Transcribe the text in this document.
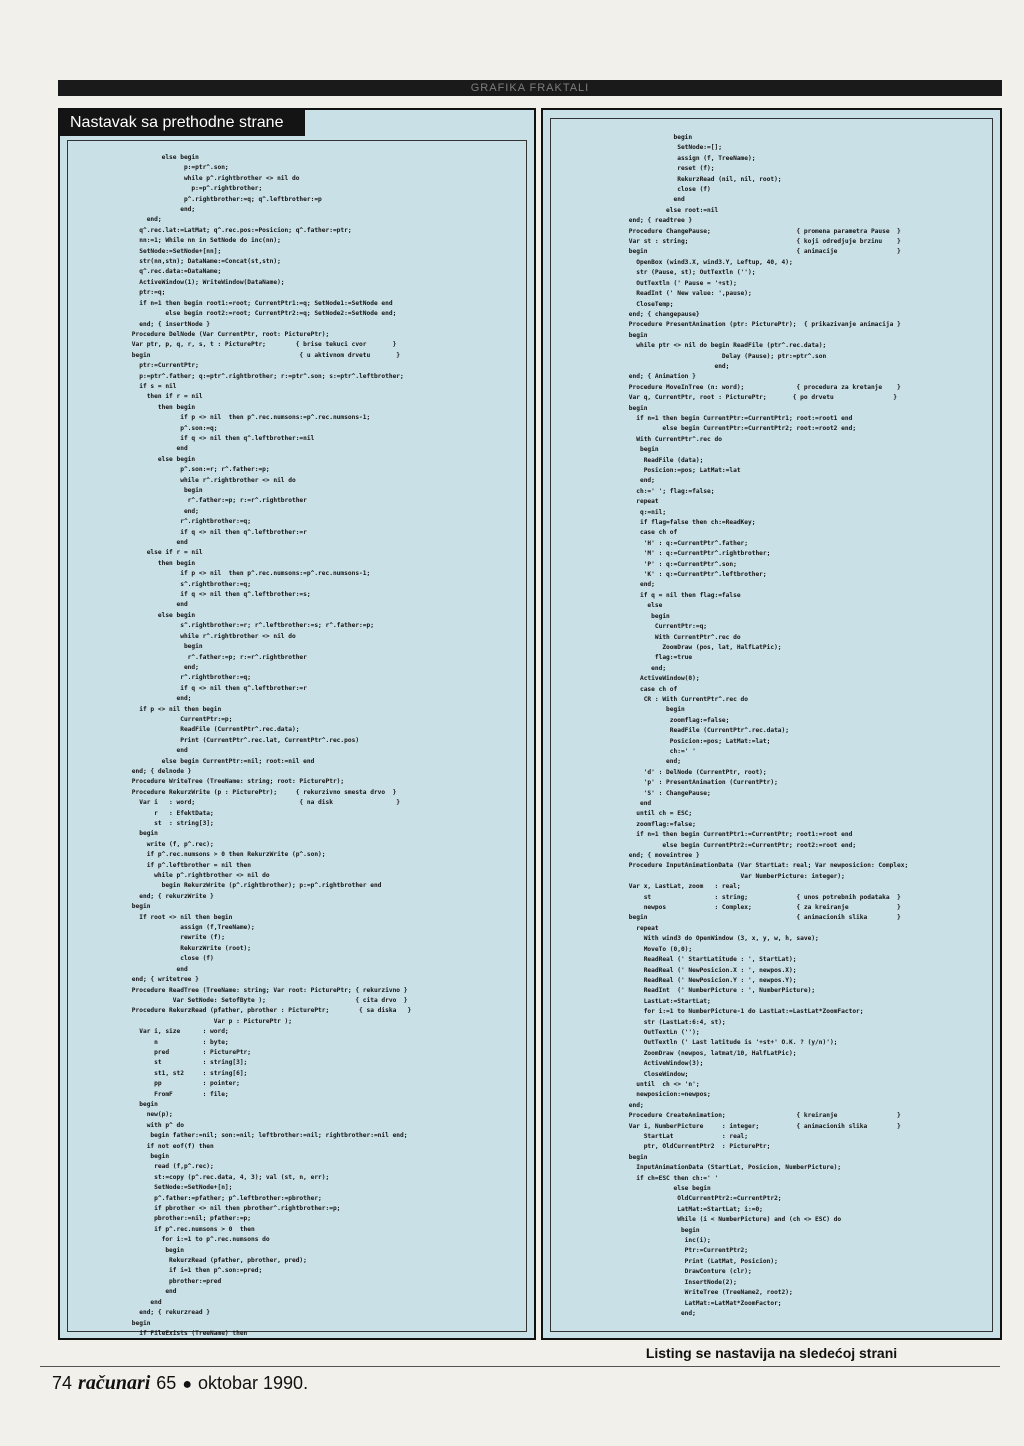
GRAFIKA FRAKTALI
Nastavak sa prethodne strane
else begin
p:=ptr^.son;
while p^.rightbrother <> nil do
p:=p^.rightbrother;
p^.rightbrother:=q; q^.leftbrother:=p
end;
end;
q^.rec.lat:=LatMat; q^.rec.pos:=Posicion; q^.father:=ptr;
nn:=1; While nn in SetNode do inc(nn);
SetNode:=SetNode+[nn];
str(nn,stn); DataName:=Concat(st,stn);
q^.rec.data:=DataName;
ActiveWindow(1); WriteWindow(DataName);
ptr:=q;
if n=1 then begin root1:=root; CurrentPtr1:=q; SetNode1:=SetNode end
else begin root2:=root; CurrentPtr2:=q; SetNode2:=SetNode end;
end; { insertNode }
Procedure DelNode (Var CurrentPtr, root: PicturePtr);
Var ptr, p, q, r, s, t : PicturePtr;        { brise tekuci cvor       }
begin                                        { u aktivnom drvetu       }
ptr:=CurrentPtr;
p:=ptr^.father; q:=ptr^.rightbrother; r:=ptr^.son; s:=ptr^.leftbrother;
if s = nil
then if r = nil
then begin
if p <> nil  then p^.rec.numsons:=p^.rec.numsons-1;
p^.son:=q;
if q <> nil then q^.leftbrother:=nil
end
else begin
p^.son:=r; r^.father:=p;
while r^.rightbrother <> nil do
begin
r^.father:=p; r:=r^.rightbrother
end;
r^.rightbrother:=q;
if q <> nil then q^.leftbrother:=r
end
else if r = nil
then begin
if p <> nil  then p^.rec.numsons:=p^.rec.numsons-1;
s^.rightbrother:=q;
if q <> nil then q^.leftbrother:=s;
end
else begin
s^.rightbrother:=r; r^.leftbrother:=s; r^.father:=p;
while r^.rightbrother <> nil do
begin
r^.father:=p; r:=r^.rightbrother
end;
r^.rightbrother:=q;
if q <> nil then q^.leftbrother:=r
end;
if p <> nil then begin
CurrentPtr:=p;
ReadFile (CurrentPtr^.rec.data);
Print (CurrentPtr^.rec.lat, CurrentPtr^.rec.pos)
end
else begin CurrentPtr:=nil; root:=nil end
end; { delnode }
Procedure WriteTree (TreeName: string; root: PicturePtr);
Procedure RekurzWrite (p : PicturePtr);     { rekurzivno smesta drvo  }
Var i   : word;                            { na disk                 }
r   : EfektData;
st  : string[3];
begin
write (f, p^.rec);
if p^.rec.numsons > 0 then RekurzWrite (p^.son);
if p^.leftbrother = nil then
while p^.rightbrother <> nil do
begin RekurzWrite (p^.rightbrother); p:=p^.rightbrother end
end; { rekurzWrite }
begin
If root <> nil then begin
assign (f,TreeName);
rewrite (f);
RekurzWrite (root);
close (f)
end
end; { writetree }
Procedure ReadTree (TreeName: string; Var root: PicturePtr; { rekurzivno }
Var SetNode: SetofByte );                        { cita drvo  }
Procedure RekurzRead (pfather, pbrother : PicturePtr;        { sa diska   }
Var p : PicturePtr );
Var i, size      : word;
n            : byte;
pred         : PicturePtr;
st           : string[3];
st1, st2     : string[6];
pp           : pointer;
FromF        : file;
begin
new(p);
with p^ do
begin father:=nil; son:=nil; leftbrother:=nil; rightbrother:=nil end;
if not eof(f) then
begin
read (f,p^.rec);
st:=copy (p^.rec.data, 4, 3); val (st, n, err);
SetNode:=SetNode+[n];
p^.father:=pfather; p^.leftbrother:=pbrother;
if pbrother <> nil then pbrother^.rightbrother:=p;
pbrother:=nil; pfather:=p;
if p^.rec.numsons > 0  then
for i:=1 to p^.rec.numsons do
begin
RekurzRead (pfather, pbrother, pred);
if i=1 then p^.son:=pred;
pbrother:=pred
end
end
end; { rekurzread }
begin
if FileExists (TreeName) then
begin
SetNode:=[];
assign (f, TreeName);
reset (f);
RekurzRead (nil, nil, root);
close (f)
end
else root:=nil
end; { readtree }
Procedure ChangePause;                       { promena parametra Pause  }
Var st : string;                             { koji odredjuje brzinu    }
begin                                        { animacije                }
OpenBox (wind3.X, wind3.Y, Leftup, 40, 4);
str (Pause, st); OutTextln ('');
OutTextln (' Pause = '+st);
ReadInt (' New value: ',pause);
CloseTemp;
end; { changepause}
Procedure PresentAnimation (ptr: PicturePtr);  { prikazivanje animacija }
begin
while ptr <> nil do begin ReadFile (ptr^.rec.data);
Delay (Pause); ptr:=ptr^.son
end;
end; { Animation }
Procedure MoveInTree (n: word);              { procedura za kretanje    }
Var q, CurrentPtr, root : PicturePtr;       { po drvetu                }
begin
if n=1 then begin CurrentPtr:=CurrentPtr1; root:=root1 end
else begin CurrentPtr:=CurrentPtr2; root:=root2 end;
With CurrentPtr^.rec do
begin
ReadFile (data);
Posicion:=pos; LatMat:=lat
end;
ch:=' '; flag:=false;
repeat
q:=nil;
if flag=false then ch:=ReadKey;
case ch of
'H' : q:=CurrentPtr^.father;
'M' : q:=CurrentPtr^.rightbrother;
'P' : q:=CurrentPtr^.son;
'K' : q:=CurrentPtr^.leftbrother;
end;
if q = nil then flag:=false
else
begin
CurrentPtr:=q;
With CurrentPtr^.rec do
ZoomDraw (pos, lat, HalfLatPic);
flag:=true
end;
ActiveWindow(0);
case ch of
CR : With CurrentPtr^.rec do
begin
zoomflag:=false;
ReadFile (CurrentPtr^.rec.data);
Posicion:=pos; LatMat:=lat;
ch:=' '
end;
'd' : DelNode (CurrentPtr, root);
'p' : PresentAnimation (CurrentPtr);
'S' : ChangePause;
end
until ch = ESC;
zoomflag:=false;
if n=1 then begin CurrentPtr1:=CurrentPtr; root1:=root end
else begin CurrentPtr2:=CurrentPtr; root2:=root end;
end; { moveintree }
Procedure InputAnimationData (Var StartLat: real; Var newposicion: Complex;
Var NumberPicture: integer);
Var x, LastLat, zoom   : real;
st                 : string;             { unos potrebnih podataka  }
newpos             : Complex;            { za kreiranje             }
begin                                        { animacionih slika        }
repeat
With wind3 do OpenWindow (3, x, y, w, h, save);
MoveTo (0,0);
ReadReal (' StartLatitude : ', StartLat);
ReadReal (' NewPosicion.X : ', newpos.X);
ReadReal (' NewPosicion.Y : ', newpos.Y);
ReadInt  (' NumberPicture : ', NumberPicture);
LastLat:=StartLat;
for i:=1 to NumberPicture-1 do LastLat:=LastLat*ZoomFactor;
str (LastLat:6:4, st);
OutTextLn ('');
OutTextln (' Last latitude is '+st+' O.K. ? (y/n)');
ZoomDraw (newpos, latmat/10, HalfLatPic);
ActiveWindow(3);
CloseWindow;
until  ch <> 'n';
newposicion:=newpos;
end;
Procedure CreateAnimation;                   { kreiranje                }
Var i, NumberPicture     : integer;          { animacionih slika        }
StartLat             : real;
ptr, OldCurrentPtr2  : PicturePtr;
begin
InputAnimationData (StartLat, Posicion, NumberPicture);
if ch=ESC then ch:=' '
else begin
OldCurrentPtr2:=CurrentPtr2;
LatMat:=StartLat; i:=0;
While (i < NumberPicture) and (ch <> ESC) do
begin
inc(i);
Ptr:=CurrentPtr2;
Print (LatMat, Posicion);
DrawConture (clr);
InsertNode(2);
WriteTree (TreeName2, root2);
LatMat:=LatMat*ZoomFactor;
end;
Listing se nastavija na sledećoj strani
74 računari 65 ● oktobar 1990.
